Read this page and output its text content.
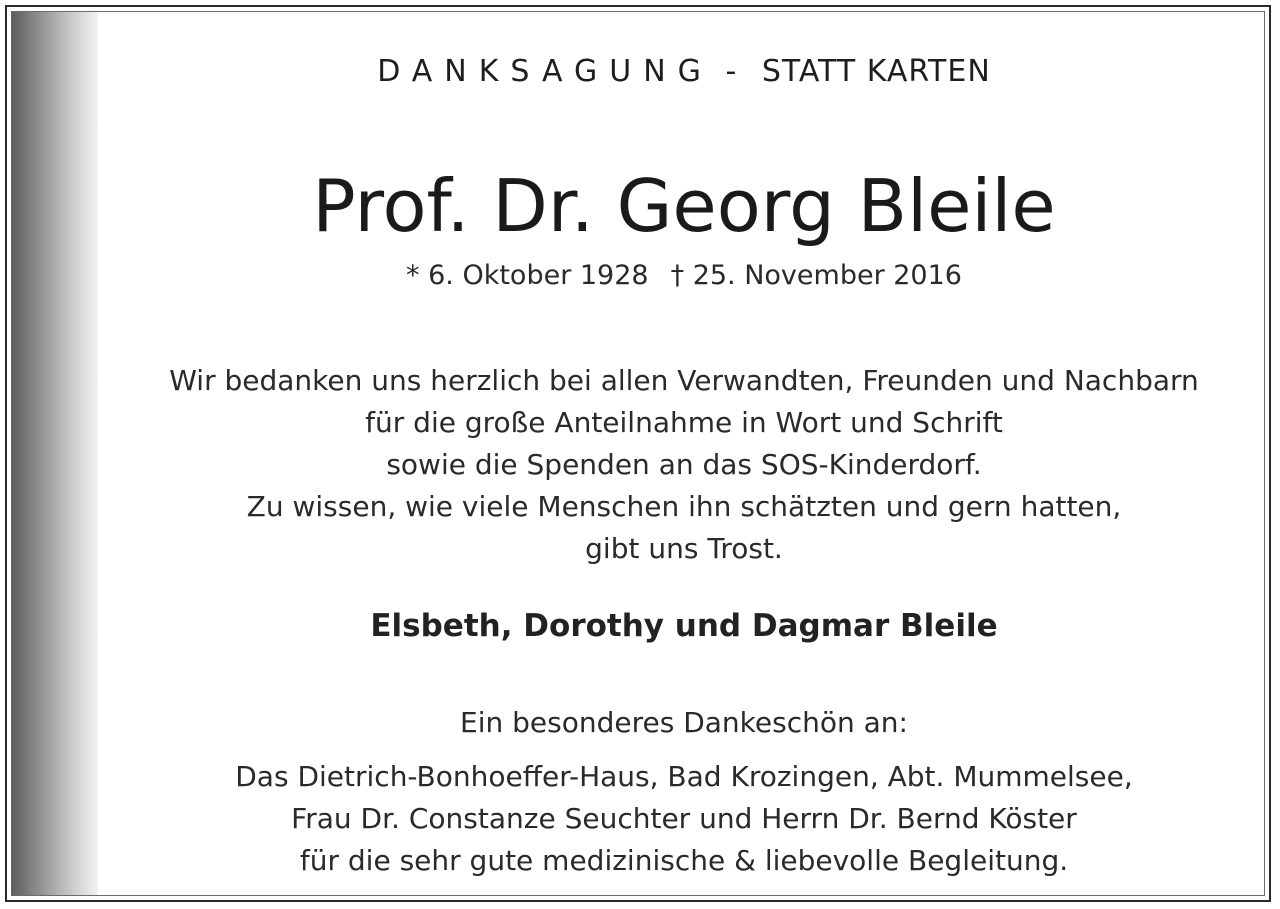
DANKSAGUNG - STATT KARTEN
Prof. Dr. Georg Bleile
* 6. Oktober 1928 † 25. November 2016
Wir bedanken uns herzlich bei allen Verwandten, Freunden und Nachbarn
für die große Anteilnahme in Wort und Schrift
sowie die Spenden an das SOS-Kinderdorf.
Zu wissen, wie viele Menschen ihn schätzten und gern hatten,
gibt uns Trost.
Elsbeth, Dorothy und Dagmar Bleile
Ein besonderes Dankeschön an:
Das Dietrich-Bonhoeffer-Haus, Bad Krozingen, Abt. Mummelsee,
Frau Dr. Constanze Seuchter und Herrn Dr. Bernd Köster
für die sehr gute medizinische & liebevolle Begleitung.
